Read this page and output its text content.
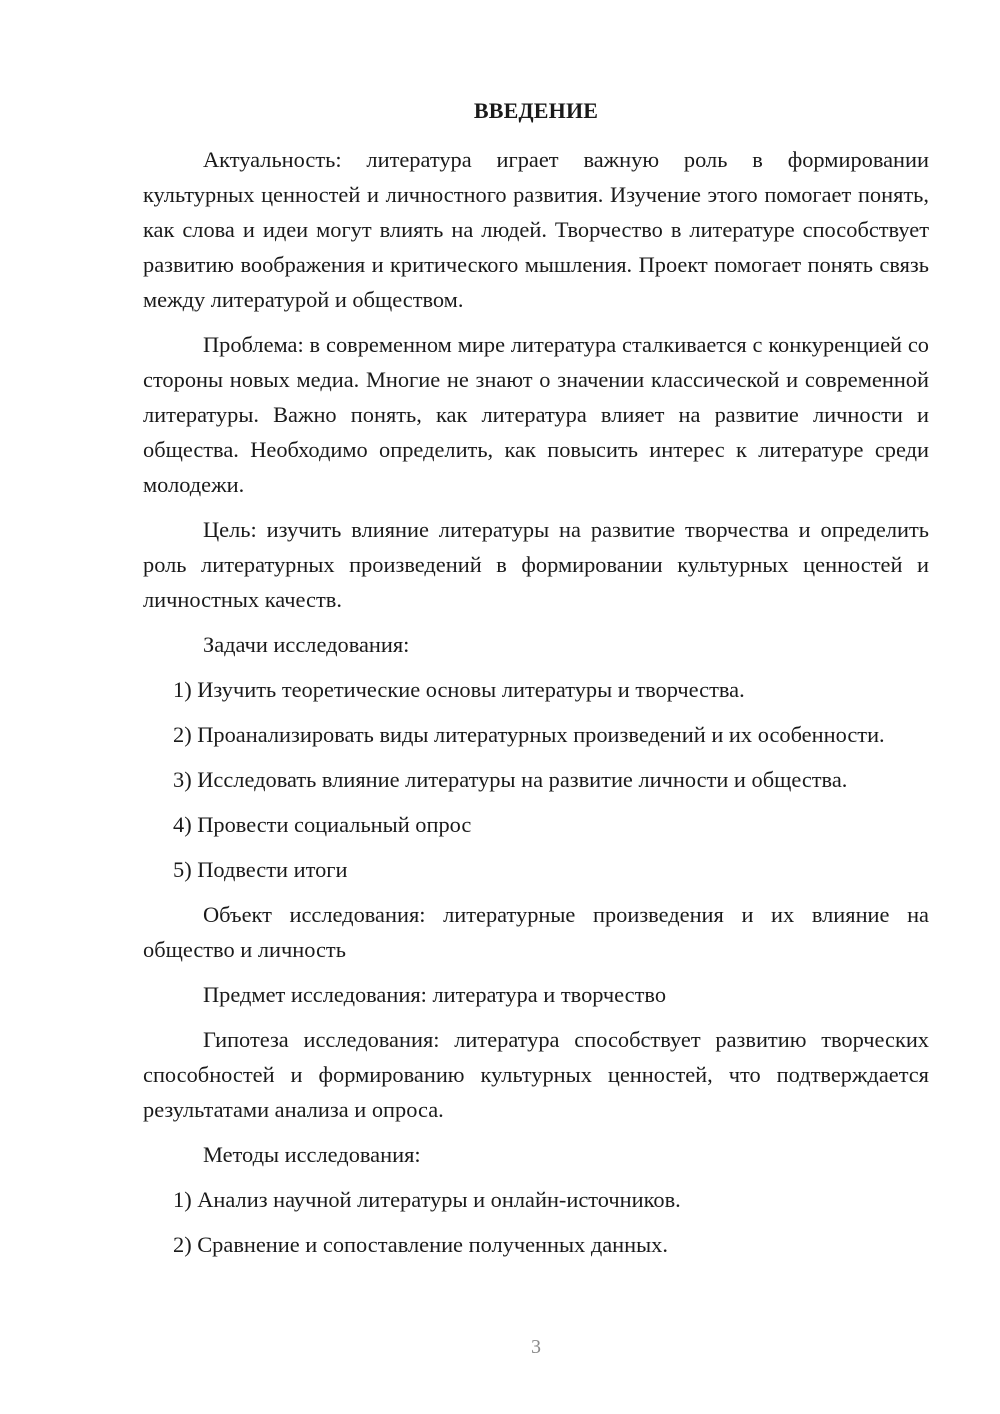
ВВЕДЕНИЕ

Актуальность: литература играет важную роль в формировании культурных ценностей и личностного развития. Изучение этого помогает понять, как слова и идеи могут влиять на людей. Творчество в литературе способствует развитию воображения и критического мышления. Проект помогает понять связь между литературой и обществом.

Проблема: в современном мире литература сталкивается с конкуренцией со стороны новых медиа. Многие не знают о значении классической и современной литературы. Важно понять, как литература влияет на развитие личности и общества. Необходимо определить, как повысить интерес к литературе среди молодежи.

Цель: изучить влияние литературы на развитие творчества и определить роль литературных произведений в формировании культурных ценностей и личностных качеств.

Задачи исследования:

1) Изучить теоретические основы литературы и творчества.

2) Проанализировать виды литературных произведений и их особенности.

3) Исследовать влияние литературы на развитие личности и общества.

4) Провести социальный опрос

5) Подвести итоги

Объект исследования: литературные произведения и их влияние на общество и личность

Предмет исследования: литература и творчество

Гипотеза исследования: литература способствует развитию творческих способностей и формированию культурных ценностей, что подтверждается результатами анализа и опроса.

Методы исследования:

1) Анализ научной литературы и онлайн-источников.

2) Сравнение и сопоставление полученных данных.

3
